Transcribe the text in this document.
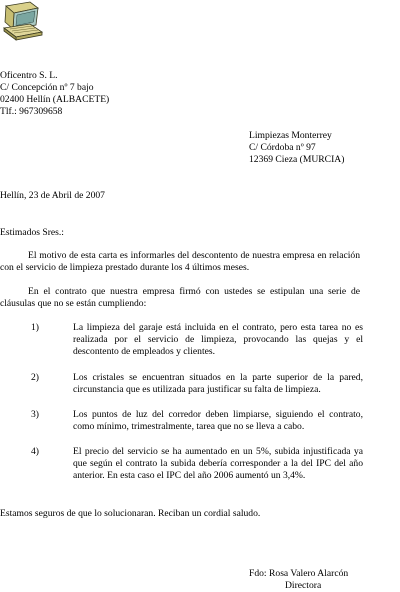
Oficentro S. L.
C/ Concepción nº 7 bajo
02400 Hellín (ALBACETE)
Tlf.: 967309658
Limpiezas Monterrey
C/ Córdoba nº 97
12369 Cieza (MURCIA)
Hellín, 23 de Abril de 2007
Estimados Sres.:
El motivo de esta carta es informarles del descontento de nuestra empresa en relación con el servicio de limpieza prestado durante los 4 últimos meses.
En el contrato que nuestra empresa firmó con ustedes se estipulan una serie de cláusulas que no se están cumpliendo:
1)	La limpieza del garaje está incluida en el contrato, pero esta tarea no es realizada por el servicio de limpieza, provocando las quejas y el descontento de empleados y clientes.
2)	Los cristales se encuentran situados en la parte superior de la pared, circunstancia que es utilizada para justificar su falta de limpieza.
3)	Los puntos de luz del corredor deben limpiarse, siguiendo el contrato, como mínimo, trimestralmente, tarea que no se lleva a cabo.
4)	El precio del servicio se ha aumentado en un 5%, subida injustificada ya que según el contrato la subida debería corresponder a la del IPC del año anterior. En esta caso el IPC del año 2006 aumentó un 3,4%.
Estamos seguros de que lo solucionaran. Reciban un cordial saludo.
Fdo: Rosa Valero Alarcón
Directora
